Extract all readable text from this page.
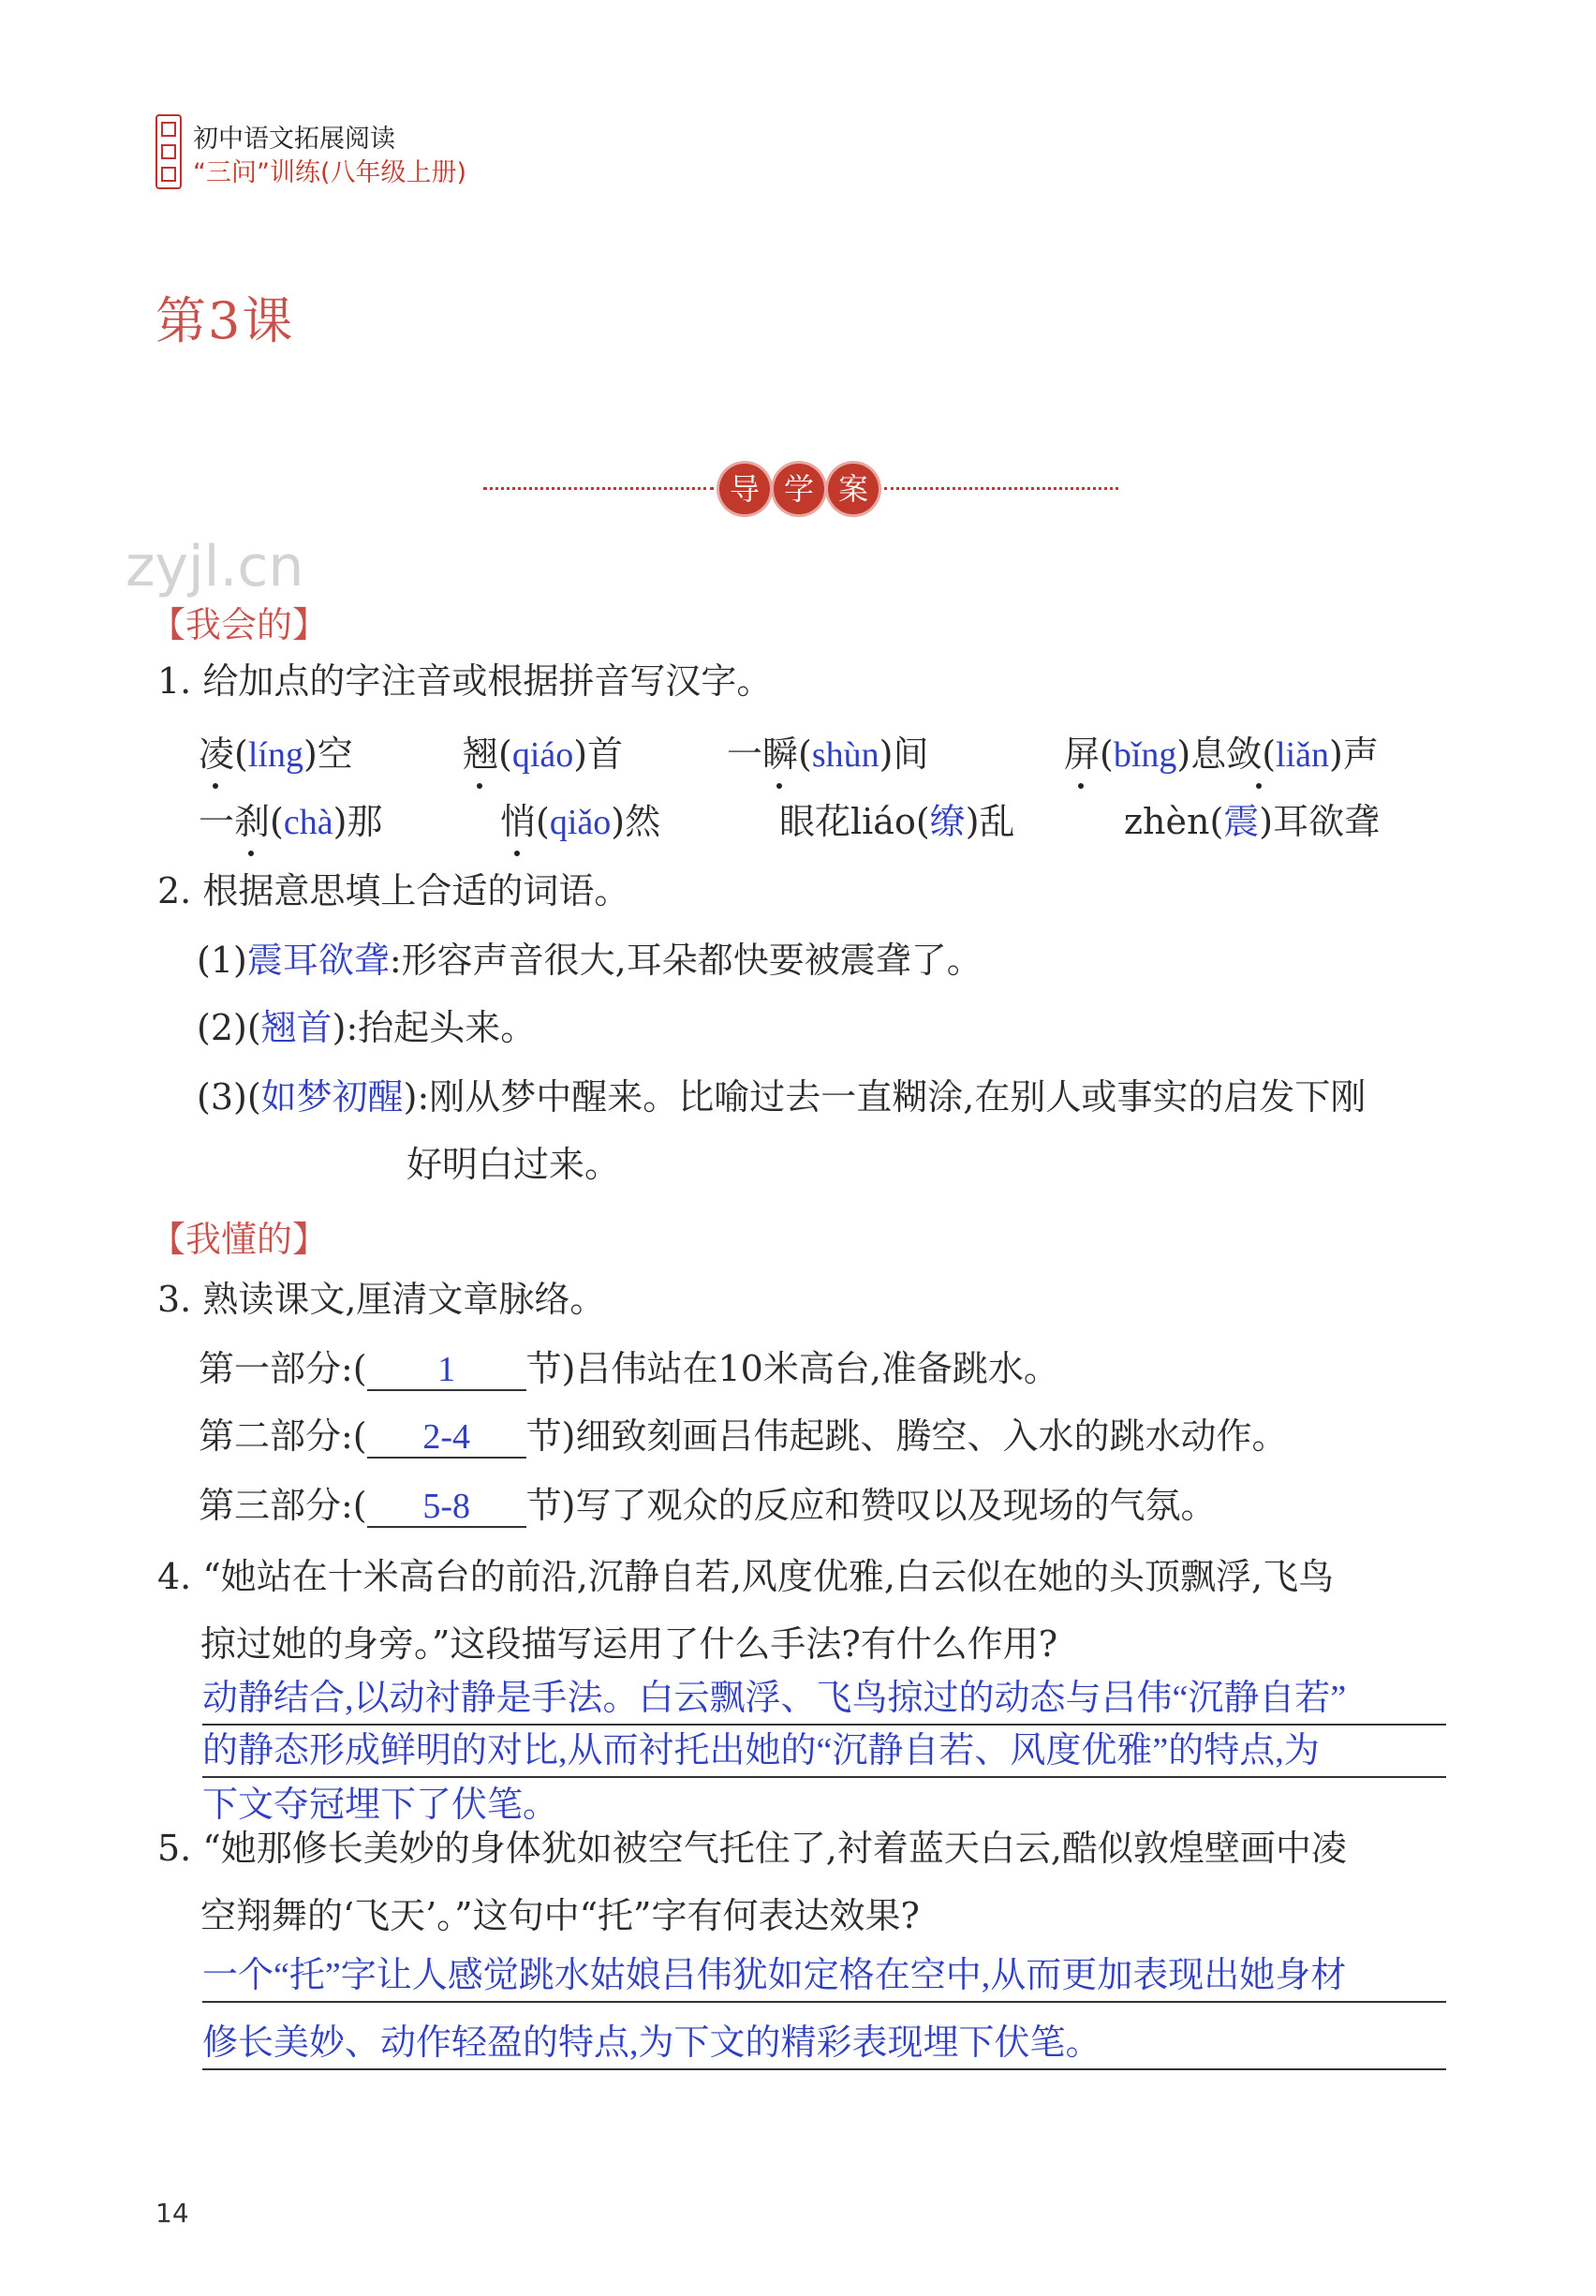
初中语文拓展阅读
“三问”训练(八年级上册)
第3课
导 学 案
zyjl.cn
【我会的】
1. 给加点的字注音或根据拼音写汉字。
凌(líng)空	翘(qiáo)首	一瞬(shùn)间	屏(bǐng)息敛(liǎn)声
一刹(chà)那	悄(qiǎo)然	眼花liáo(缭)乱	zhèn(震)耳欲聋
2. 根据意思填上合适的词语。
(1)震耳欲聋:形容声音很大,耳朵都快要被震聋了。
(2)(翘首):抬起头来。
(3)(如梦初醒):刚从梦中醒来。比喻过去一直糊涂,在别人或事实的启发下刚
好明白过来。
【我懂的】
3. 熟读课文,厘清文章脉络。
第一部分:( 1 节)吕伟站在10米高台,准备跳水。
第二部分:( 2-4 节)细致刻画吕伟起跳、腾空、入水的跳水动作。
第三部分:( 5-8 节)写了观众的反应和赞叹以及现场的气氛。
4. “她站在十米高台的前沿,沉静自若,风度优雅,白云似在她的头顶飘浮,飞鸟
掠过她的身旁。”这段描写运用了什么手法?有什么作用?
动静结合,以动衬静是手法。白云飘浮、飞鸟掠过的动态与吕伟“沉静自若”
的静态形成鲜明的对比,从而衬托出她的“沉静自若、风度优雅”的特点,为
下文夺冠埋下了伏笔。
5. “她那修长美妙的身体犹如被空气托住了,衬着蓝天白云,酷似敦煌壁画中凌
空翔舞的‘飞天’。”这句中“托”字有何表达效果?
一个“托”字让人感觉跳水姑娘吕伟犹如定格在空中,从而更加表现出她身材
修长美妙、动作轻盈的特点,为下文的精彩表现埋下伏笔。
14
